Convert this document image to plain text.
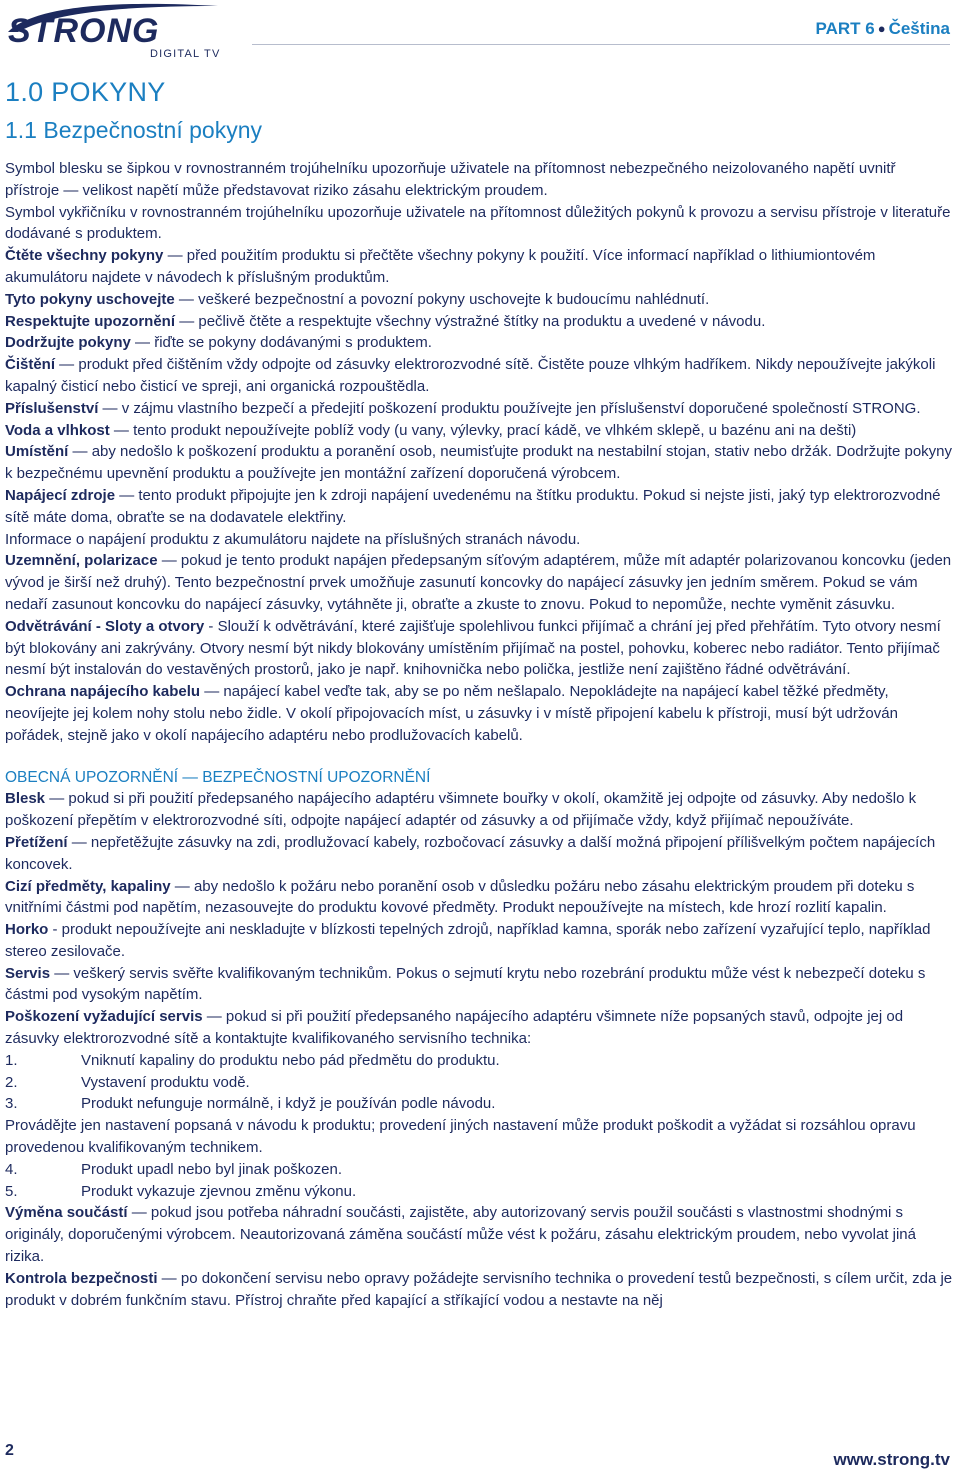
STRONG
DIGITAL TV
PART 6 ● Čeština
1.0 POKYNY
1.1 Bezpečnostní pokyny

Symbol blesku se šipkou v rovnostranném trojúhelníku upozorňuje uživatele na přítomnost nebezpečného neizolovaného napětí uvnitř přístroje — velikost napětí může představovat riziko zásahu elektrickým proudem.

Symbol vykřičníku v rovnostranném trojúhelníku upozorňuje uživatele na přítomnost důležitých pokynů k provozu a servisu přístroje v literatuře dodávané s produktem.

Čtěte všechny pokyny — před použitím produktu si přečtěte všechny pokyny k použití. Více informací například o lithiumiontovém akumulátoru najdete v návodech k příslušným produktům.

Tyto pokyny uschovejte — veškeré bezpečnostní a povozní pokyny uschovejte k budoucímu nahlédnutí.

Respektujte upozornění — pečlivě čtěte a respektujte všechny výstražné štítky na produktu a uvedené v návodu.

Dodržujte pokyny — řiďte se pokyny dodávanými s produktem.

Čištění — produkt před čištěním vždy odpojte od zásuvky elektrorozvodné sítě. Čistěte pouze vlhkým hadříkem. Nikdy nepoužívejte jakýkoli kapalný čisticí nebo čisticí ve spreji, ani organická rozpouštědla.

Příslušenství — v zájmu vlastního bezpečí a předejití poškození produktu používejte jen příslušenství doporučené společností STRONG.

Voda a vlhkost — tento produkt nepoužívejte poblíž vody (u vany, výlevky, prací kádě, ve vlhkém sklepě, u bazénu ani na dešti)

Umístění — aby nedošlo k poškození produktu a poranění osob, neumisťujte produkt na nestabilní stojan, stativ nebo držák. Dodržujte pokyny k bezpečnému upevnění produktu a používejte jen montážní zařízení doporučená výrobcem.

Napájecí zdroje — tento produkt připojujte jen k zdroji napájení uvedenému na štítku produktu. Pokud si nejste jisti, jaký typ elektrorozvodné sítě máte doma, obraťte se na dodavatele elektřiny.

Informace o napájení produktu z akumulátoru najdete na příslušných stranách návodu.

Uzemnění, polarizace — pokud je tento produkt napájen předepsaným síťovým adaptérem, může mít adaptér polarizovanou koncovku (jeden vývod je širší než druhý). Tento bezpečnostní prvek umožňuje zasunutí koncovky do napájecí zásuvky jen jedním směrem. Pokud se vám nedaří zasunout koncovku do napájecí zásuvky, vytáhněte ji, obraťte a zkuste to znovu. Pokud to nepomůže, nechte vyměnit zásuvku.

Odvětrávání - Sloty a otvory - Slouží k odvětrávání, které zajišťuje spolehlivou funkci přijímač a chrání jej před přehřátím. Tyto otvory nesmí být blokovány ani zakrývány. Otvory nesmí být nikdy blokovány umístěním přijímač na postel, pohovku, koberec nebo radiátor. Tento přijímač nesmí být instalován do vestavěných prostorů, jako je např. knihovnička nebo polička, jestliže není zajištěno řádné odvětrávání.

Ochrana napájecího kabelu — napájecí kabel veďte tak, aby se po něm nešlapalo. Nepokládejte na napájecí kabel těžké předměty, neovíjejte jej kolem nohy stolu nebo židle. V okolí připojovacích míst, u zásuvky i v místě připojení kabelu k přístroji, musí být udržován pořádek, stejně jako v okolí napájecího adaptéru nebo prodlužovacích kabelů.

OBECNÁ UPOZORNĚNÍ — BEZPEČNOSTNÍ UPOZORNĚNÍ

Blesk — pokud si při použití předepsaného napájecího adaptéru všimnete bouřky v okolí, okamžitě jej odpojte od zásuvky. Aby nedošlo k poškození přepětím v elektrorozvodné síti, odpojte napájecí adaptér od zásuvky a od přijímače vždy, když přijímač nepoužíváte.

Přetížení — nepřetěžujte zásuvky na zdi, prodlužovací kabely, rozbočovací zásuvky a další možná připojení přílišvelkým počtem napájecích koncovek.

Cizí předměty, kapaliny — aby nedošlo k požáru nebo poranění osob v důsledku požáru nebo zásahu elektrickým proudem při doteku s vnitřními částmi pod napětím, nezasouvejte do produktu kovové předměty. Produkt nepoužívejte na místech, kde hrozí rozlití kapalin.

Horko - produkt nepoužívejte ani neskladujte v blízkosti tepelných zdrojů, například kamna, sporák nebo zařízení vyzařující teplo, například stereo zesilovače.

Servis — veškerý servis svěřte kvalifikovaným technikům. Pokus o sejmutí krytu nebo rozebrání produktu může vést k nebezpečí doteku s částmi pod vysokým napětím.

Poškození vyžadující servis — pokud si při použití předepsaného napájecího adaptéru všimnete níže popsaných stavů, odpojte jej od zásuvky elektrorozvodné sítě a kontaktujte kvalifikovaného servisního technika:

1.	Vniknutí kapaliny do produktu nebo pád předmětu do produktu.

2.	Vystavení produktu vodě.

3.	Produkt nefunguje normálně, i když je používán podle návodu.

Provádějte jen nastavení popsaná v návodu k produktu; provedení jiných nastavení může produkt poškodit a vyžádat si rozsáhlou opravu provedenou kvalifikovaným technikem.

4.	Produkt upadl nebo byl jinak poškozen.

5.	Produkt vykazuje zjevnou změnu výkonu.

Výměna součástí — pokud jsou potřeba náhradní součásti, zajistěte, aby autorizovaný servis použil součásti s vlastnostmi shodnými s originály, doporučenými výrobcem. Neautorizovaná záměna součástí může vést k požáru, zásahu elektrickým proudem, nebo vyvolat jiná rizika.

Kontrola bezpečnosti — po dokončení servisu nebo opravy požádejte servisního technika o provedení testů bezpečnosti, s cílem určit, zda je produkt v dobrém funkčním stavu. Přístroj chraňte před kapající a stříkající vodou a nestavte na něj

2	www.strong.tv
